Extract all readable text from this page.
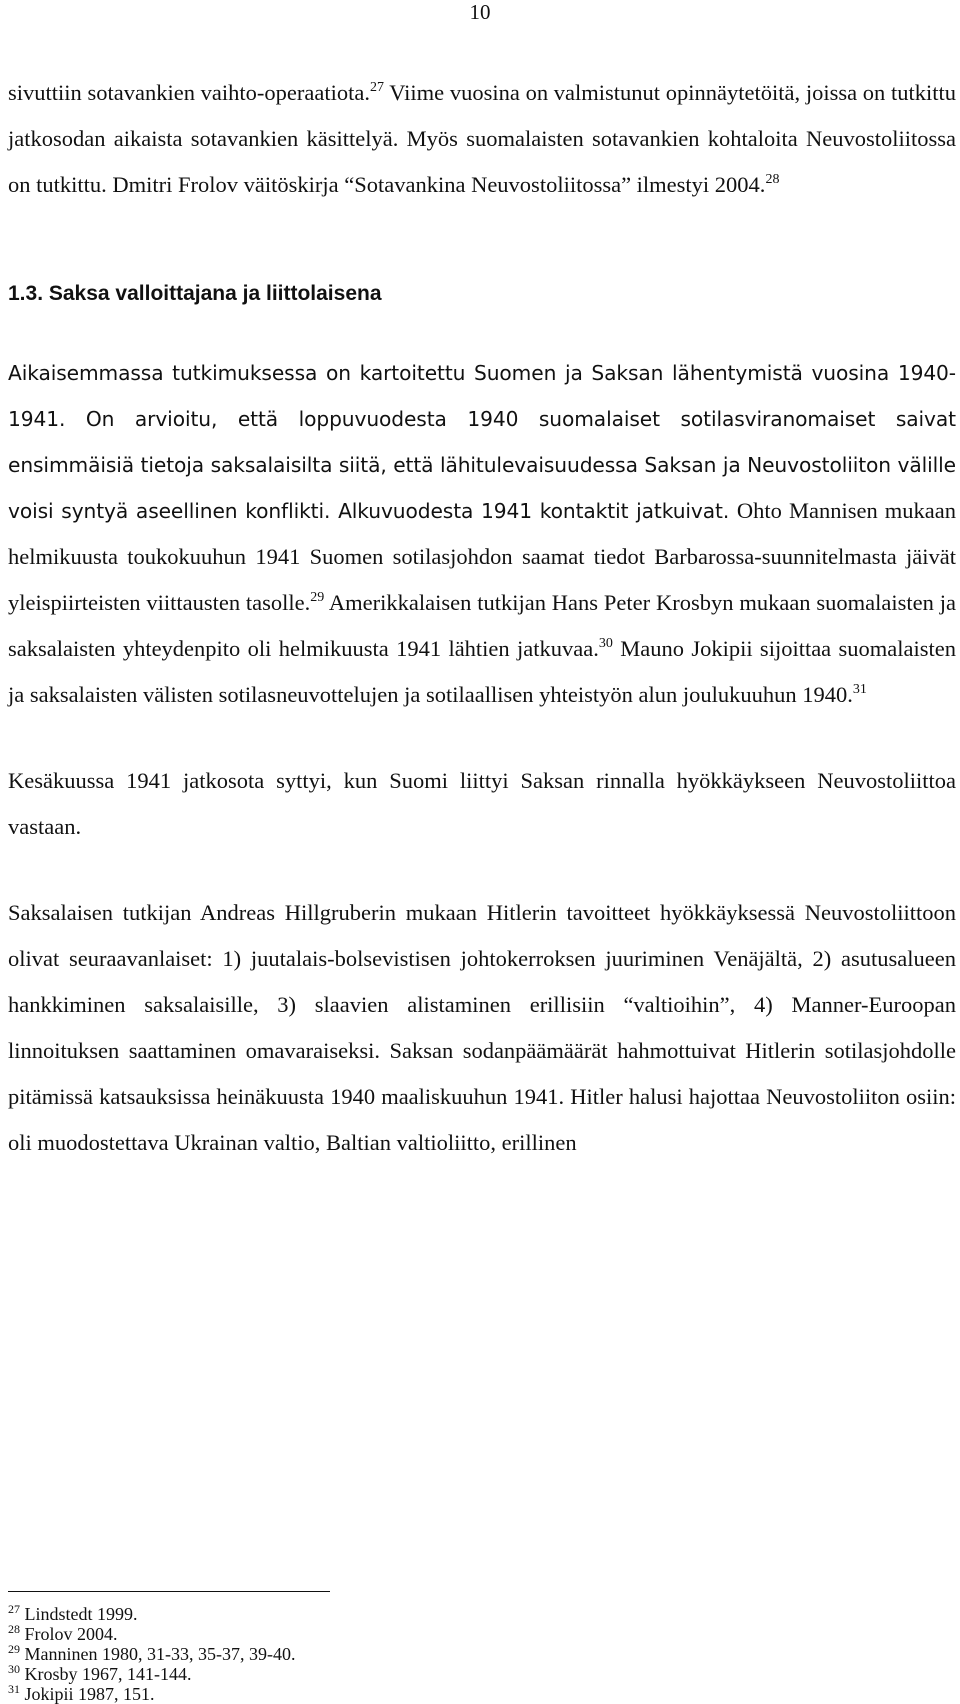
10

sivuttiin sotavankien vaihto-operaatiota.$^{27}$ Viime vuosina on valmistunut opinnäytetöitä, joissa on tutkittu jatkosodan aikaista sotavankien käsittelyä. Myös suomalaisten sotavankien kohtaloita Neuvostoliitossa on tutkittu. Dmitri Frolov väitöskirja “Sotavankina Neuvostoliitossa” ilmestyi 2004.28

1.3. Saksa valloittajana ja liittolaisena

Aikaisemmassa tutkimuksessa on kartoitettu Suomen ja Saksan lähentymistä vuosina 1940-1941. On arvioitu, että loppuvuodesta 1940 suomalaiset sotilasviranomaiset saivat ensimmäisiä tietoja saksalaisilta siitä, että lähitulevaisuudessa Saksan ja Neuvostoliiton välille voisi syntyä aseellinen konflikti. Alkuvuodesta 1941 kontaktit jatkuivat. Ohto Mannisen mukaan helmikuusta toukokuuhun 1941 Suomen sotilasjohdon saamat tiedot Barbarossa-suunnitelmasta jäivät yleispiirteisten viittausten tasolle.$^{29}$ Amerikkalaisen tutkijan Hans Peter Krosbyn mukaan suomalaisten ja saksalaisten yhteydenpito oli helmikuusta 1941 lähtien jatkuvaa.$^{30}$ Mauno Jokipii sijoittaa suomalaisten ja saksalaisten välisten sotilasneuvottelujen ja sotilaallisen yhteistyön alun joulukuuhun 1940.31

Kesäkuussa 1941 jatkosota syttyi, kun Suomi liittyi Saksan rinnalla hyökkäykseen Neuvostoliittoa vastaan.

Saksalaisen tutkijan Andreas Hillgruberin mukaan Hitlerin tavoitteet hyökkäyksessä Neuvostoliittoon olivat seuraavanlaiset: 1) juutalais-bolsevistisen johtokerroksen juuriminen Venäjältä, 2) asutusalueen hankkiminen saksalaisille, 3) slaavien alistaminen erillisiin “valtioihin”, 4) Manner-Euroopan linnoituksen saattaminen omavaraiseksi. Saksan sodanpäämäärät hahmottuivat Hitlerin sotilasjohdolle pitämissä katsauksissa heinäkuusta 1940 maaliskuuhun 1941. Hitler halusi hajottaa Neuvostoliiton osiin: oli muodostettava Ukrainan valtio, Baltian valtioliitto, erillinen

$^{27}$ Lindstedt 1999.
$^{28}$ Frolov 2004.
$^{29}$ Manninen 1980, 31-33, 35-37, 39-40.
$^{30}$ Krosby 1967, 141-144.
$^{31}$ Jokipii 1987, 151.
